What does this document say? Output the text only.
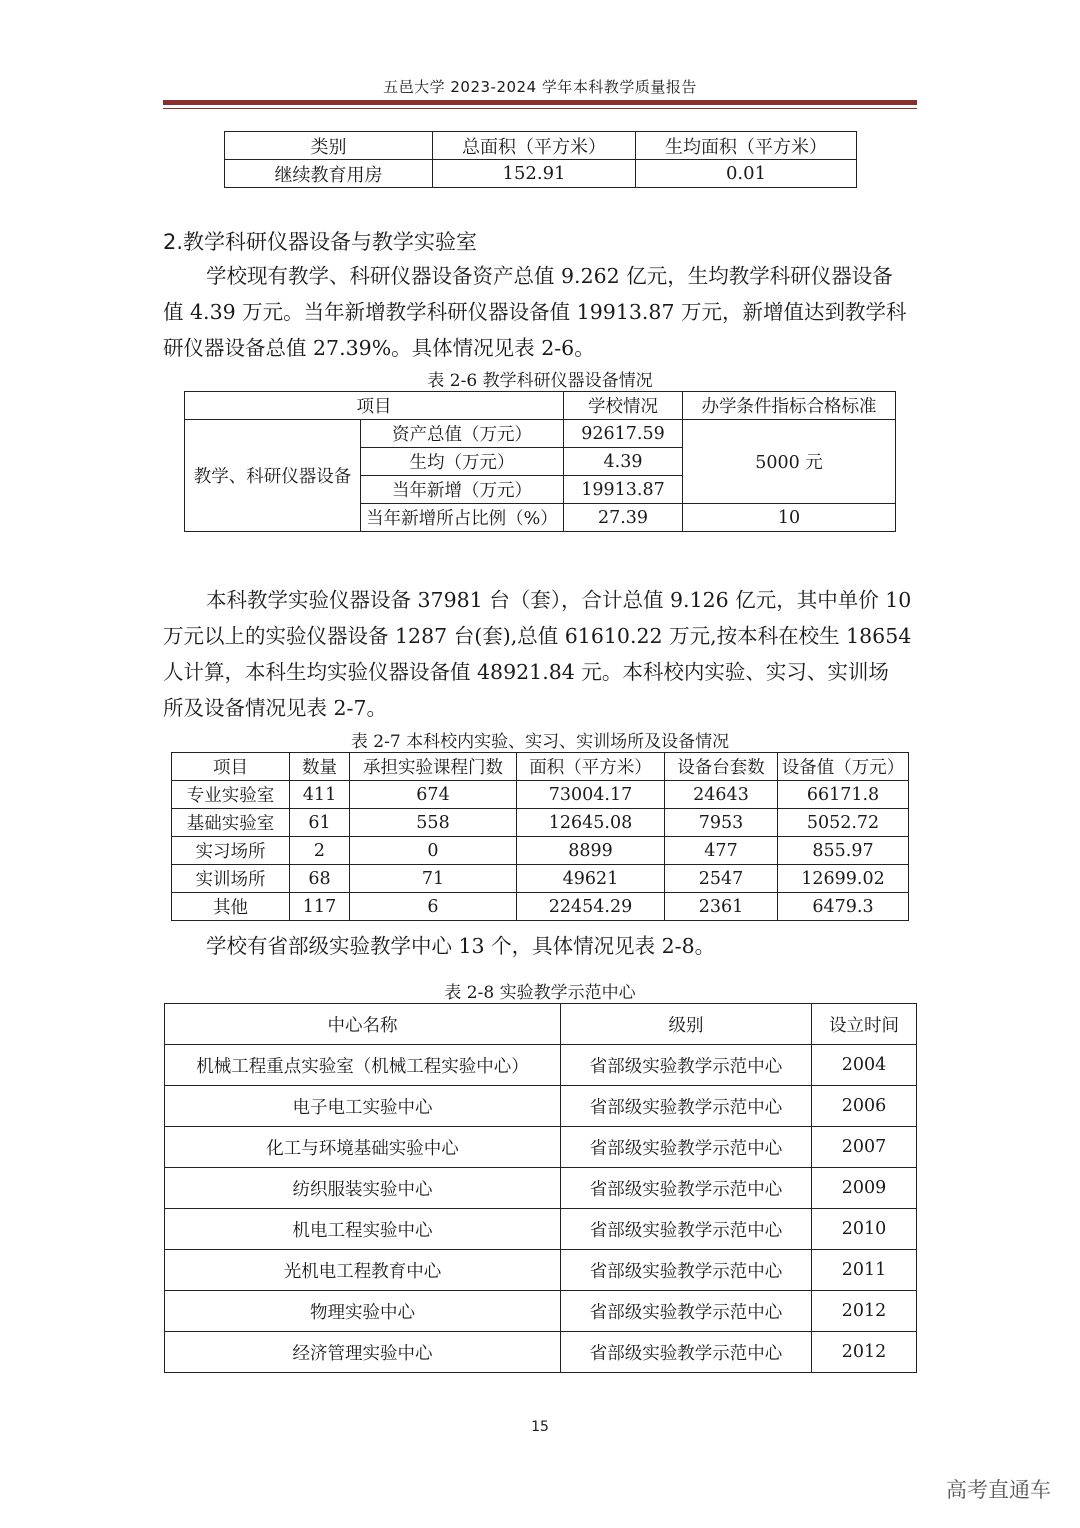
五邑大学 2023-2024 学年本科教学质量报告
类别	总面积（平方米）	生均面积（平方米）
继续教育用房	152.91	0.01
2.教学科研仪器设备与教学实验室

学校现有教学、科研仪器设备资产总值 9.262 亿元，生均教学科研仪器设备
值 4.39 万元。当年新增教学科研仪器设备值 19913.87 万元，新增值达到教学科
研仪器设备总值 27.39%。具体情况见表 2-6。

表 2-6 教学科研仪器设备情况
项目		学校情况	办学条件指标合格标准
教学、科研仪器设备	资产总值（万元）	92617.59	5000 元
	生均（万元）	4.39	
	当年新增（万元）	19913.87	
	当年新增所占比例（%）	27.39	10

本科教学实验仪器设备 37981 台（套），合计总值 9.126 亿元，其中单价 10
万元以上的实验仪器设备 1287 台(套),总值 61610.22 万元,按本科在校生 18654
人计算，本科生均实验仪器设备值 48921.84 元。本科校内实验、实习、实训场
所及设备情况见表 2-7。

表 2-7 本科校内实验、实习、实训场所及设备情况
项目	数量	承担实验课程门数	面积（平方米）	设备台套数	设备值（万元）
专业实验室	411	674	73004.17	24643	66171.8
基础实验室	61	558	12645.08	7953	5052.72
实习场所	2	0	8899	477	855.97
实训场所	68	71	49621	2547	12699.02
其他	117	6	22454.29	2361	6479.3

学校有省部级实验教学中心 13 个，具体情况见表 2-8。

表 2-8 实验教学示范中心
中心名称	级别	设立时间
机械工程重点实验室（机械工程实验中心）	省部级实验教学示范中心	2004
电子电工实验中心	省部级实验教学示范中心	2006
化工与环境基础实验中心	省部级实验教学示范中心	2007
纺织服装实验中心	省部级实验教学示范中心	2009
机电工程实验中心	省部级实验教学示范中心	2010
光机电工程教育中心	省部级实验教学示范中心	2011
物理实验中心	省部级实验教学示范中心	2012
经济管理实验中心	省部级实验教学示范中心	2012
15
高考直通车
